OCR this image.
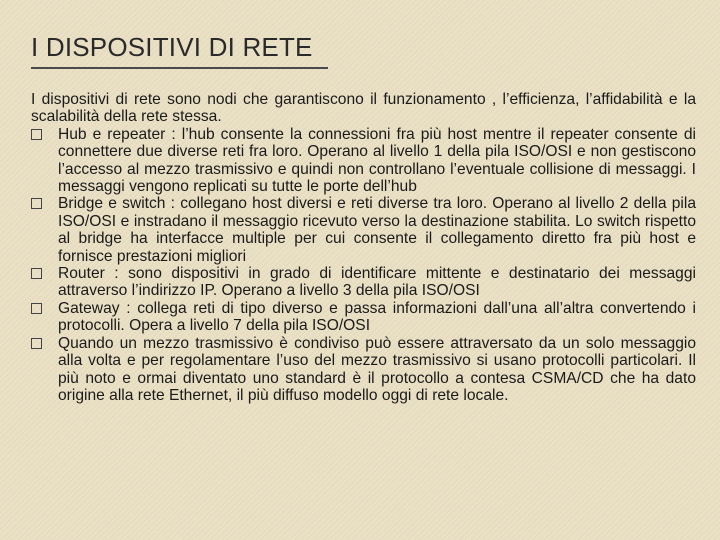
I DISPOSITIVI DI RETE

I dispositivi di rete sono nodi che garantiscono il funzionamento , l’efficienza, l’affidabilità e la scalabilità della rete stessa.

Hub e repeater : l’hub consente la connessioni fra più host mentre il repeater consente di connettere due diverse reti fra loro. Operano al livello 1 della pila ISO/OSI e non gestiscono l’accesso al mezzo trasmissivo e quindi non controllano l’eventuale collisione di messaggi. I messaggi vengono replicati su tutte le porte dell’hub
Bridge e switch : collegano host diversi e reti diverse tra loro. Operano al livello 2 della pila ISO/OSI e instradano il messaggio ricevuto verso la destinazione stabilita. Lo switch rispetto al bridge ha interfacce multiple per cui consente il collegamento diretto fra più host e fornisce prestazioni migliori
Router : sono dispositivi in grado di identificare mittente e destinatario dei messaggi attraverso l’indirizzo IP. Operano a livello 3 della pila ISO/OSI
Gateway : collega reti di tipo diverso e passa informazioni dall’una all’altra convertendo i protocolli. Opera a livello 7 della pila ISO/OSI
Quando un mezzo trasmissivo è condiviso può essere attraversato da un solo messaggio alla volta e per regolamentare l’uso del mezzo trasmissivo si usano protocolli particolari. Il più noto e ormai diventato uno standard è il protocollo a contesa CSMA/CD che ha dato origine alla rete Ethernet, il più diffuso modello oggi di rete locale.
